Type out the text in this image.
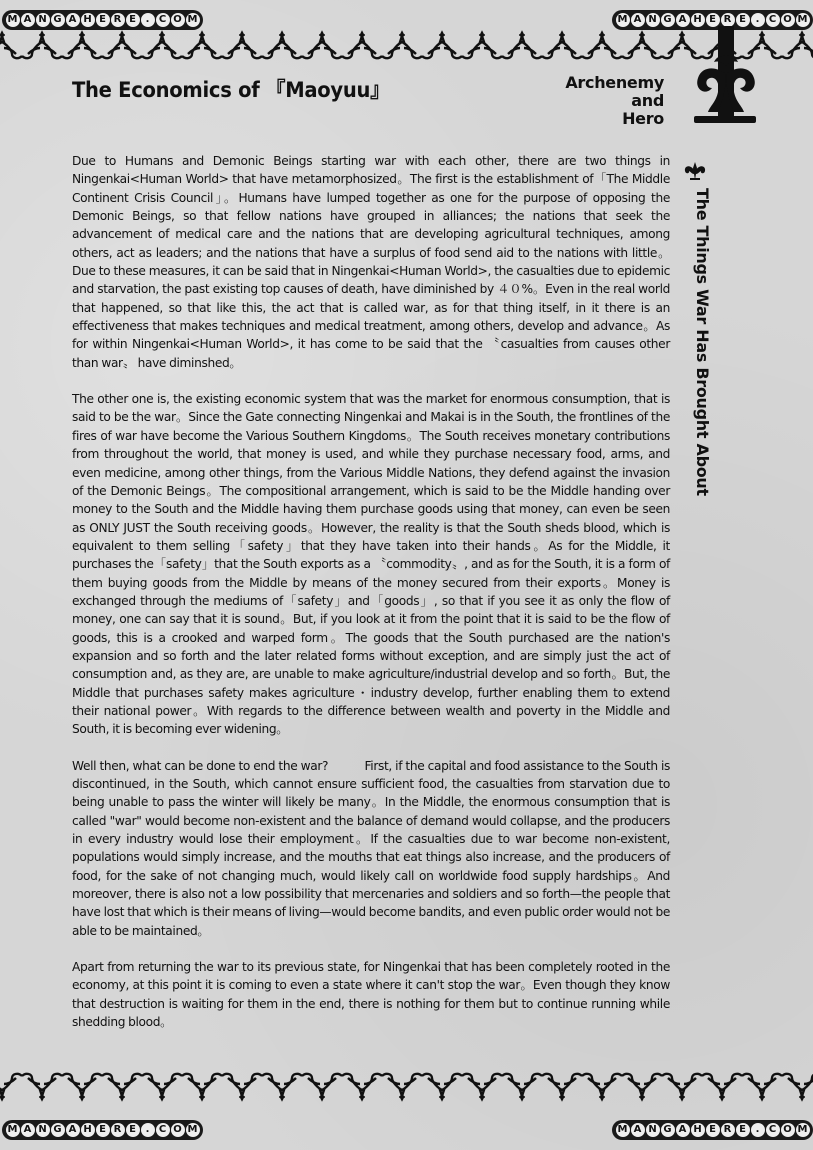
M A N G A H E R E . C O M	M A N G A H E R E . C O M
M A N G A H E R E . C O M	M A N G A H E R E . C O M
The Economics of 『Maoyuu』	Archenemy
and
Hero
The Things War Has Brought About

Due to Humans and Demonic Beings starting war with each other, there are two things in Ningenkai<Human World> that have metamorphosized。The first is the establishment of「The Middle Continent Crisis Council」。Humans have lumped together as one for the purpose of opposing the Demonic Beings, so that fellow nations have grouped in alliances; the nations that seek the advancement of medical care and the nations that are developing agricultural techniques, among others, act as leaders; and the nations that have a surplus of food send aid to the nations with little。Due to these measures, it can be said that in Ningenkai<Human World>, the casualties due to epidemic and starvation, the past existing top causes of death, have diminished by ４０%。Even in the real world that happened, so that like this, the act that is called war, as for that thing itself, in it there is an effectiveness that makes techniques and medical treatment, among others, develop and advance。As for within Ningenkai<Human World>, it has come to be said that the 〝casualties from causes other than war〟 have diminshed。

The other one is, the existing economic system that was the market for enormous consumption, that is said to be the war。Since the Gate connecting Ningenkai and Makai is in the South, the frontlines of the fires of war have become the Various Southern Kingdoms。The South receives monetary contributions from throughout the world, that money is used, and while they purchase necessary food, arms, and even medicine, among other things, from the Various Middle Nations, they defend against the invasion of the Demonic Beings。The compositional arrangement, which is said to be the Middle handing over money to the South and the Middle having them purchase goods using that money, can even be seen as ONLY JUST the South receiving goods。However, the reality is that the South sheds blood, which is equivalent to them selling「safety」that they have taken into their hands。As for the Middle, it purchases the「safety」that the South exports as a 〝commodity〟, and as for the South, it is a form of them buying goods from the Middle by means of the money secured from their exports。Money is exchanged through the mediums of「safety」and「goods」, so that if you see it as only the flow of money, one can say that it is sound。But, if you look at it from the point that it is said to be the flow of goods, this is a crooked and warped form。The goods that the South purchased are the nation's expansion and so forth and the later related forms without exception, and are simply just the act of consumption and, as they are, are unable to make agriculture/industrial develop and so forth。But, the Middle that purchases safety makes agriculture・industry develop, further enabling them to extend their national power。With regards to the difference between wealth and poverty in the Middle and South, it is becoming ever widening。

Well then, what can be done to end the war?　　　First, if the capital and food assistance to the South is discontinued, in the South, which cannot ensure sufficient food, the casualties from starvation due to being unable to pass the winter will likely be many。In the Middle, the enormous consumption that is called "war" would become non-existent and the balance of demand would collapse, and the producers in every industry would lose their employment。If the casualties due to war become non-existent, populations would simply increase, and the mouths that eat things also increase, and the producers of food, for the sake of not changing much, would likely call on worldwide food supply hardships。And moreover, there is also not a low possibility that mercenaries and soldiers and so forth—the people that have lost that which is their means of living—would become bandits, and even public order would not be able to be maintained。

Apart from returning the war to its previous state, for Ningenkai that has been completely rooted in the economy, at this point it is coming to even a state where it can't stop the war。Even though they know that destruction is waiting for them in the end, there is nothing for them but to continue running while shedding blood。
